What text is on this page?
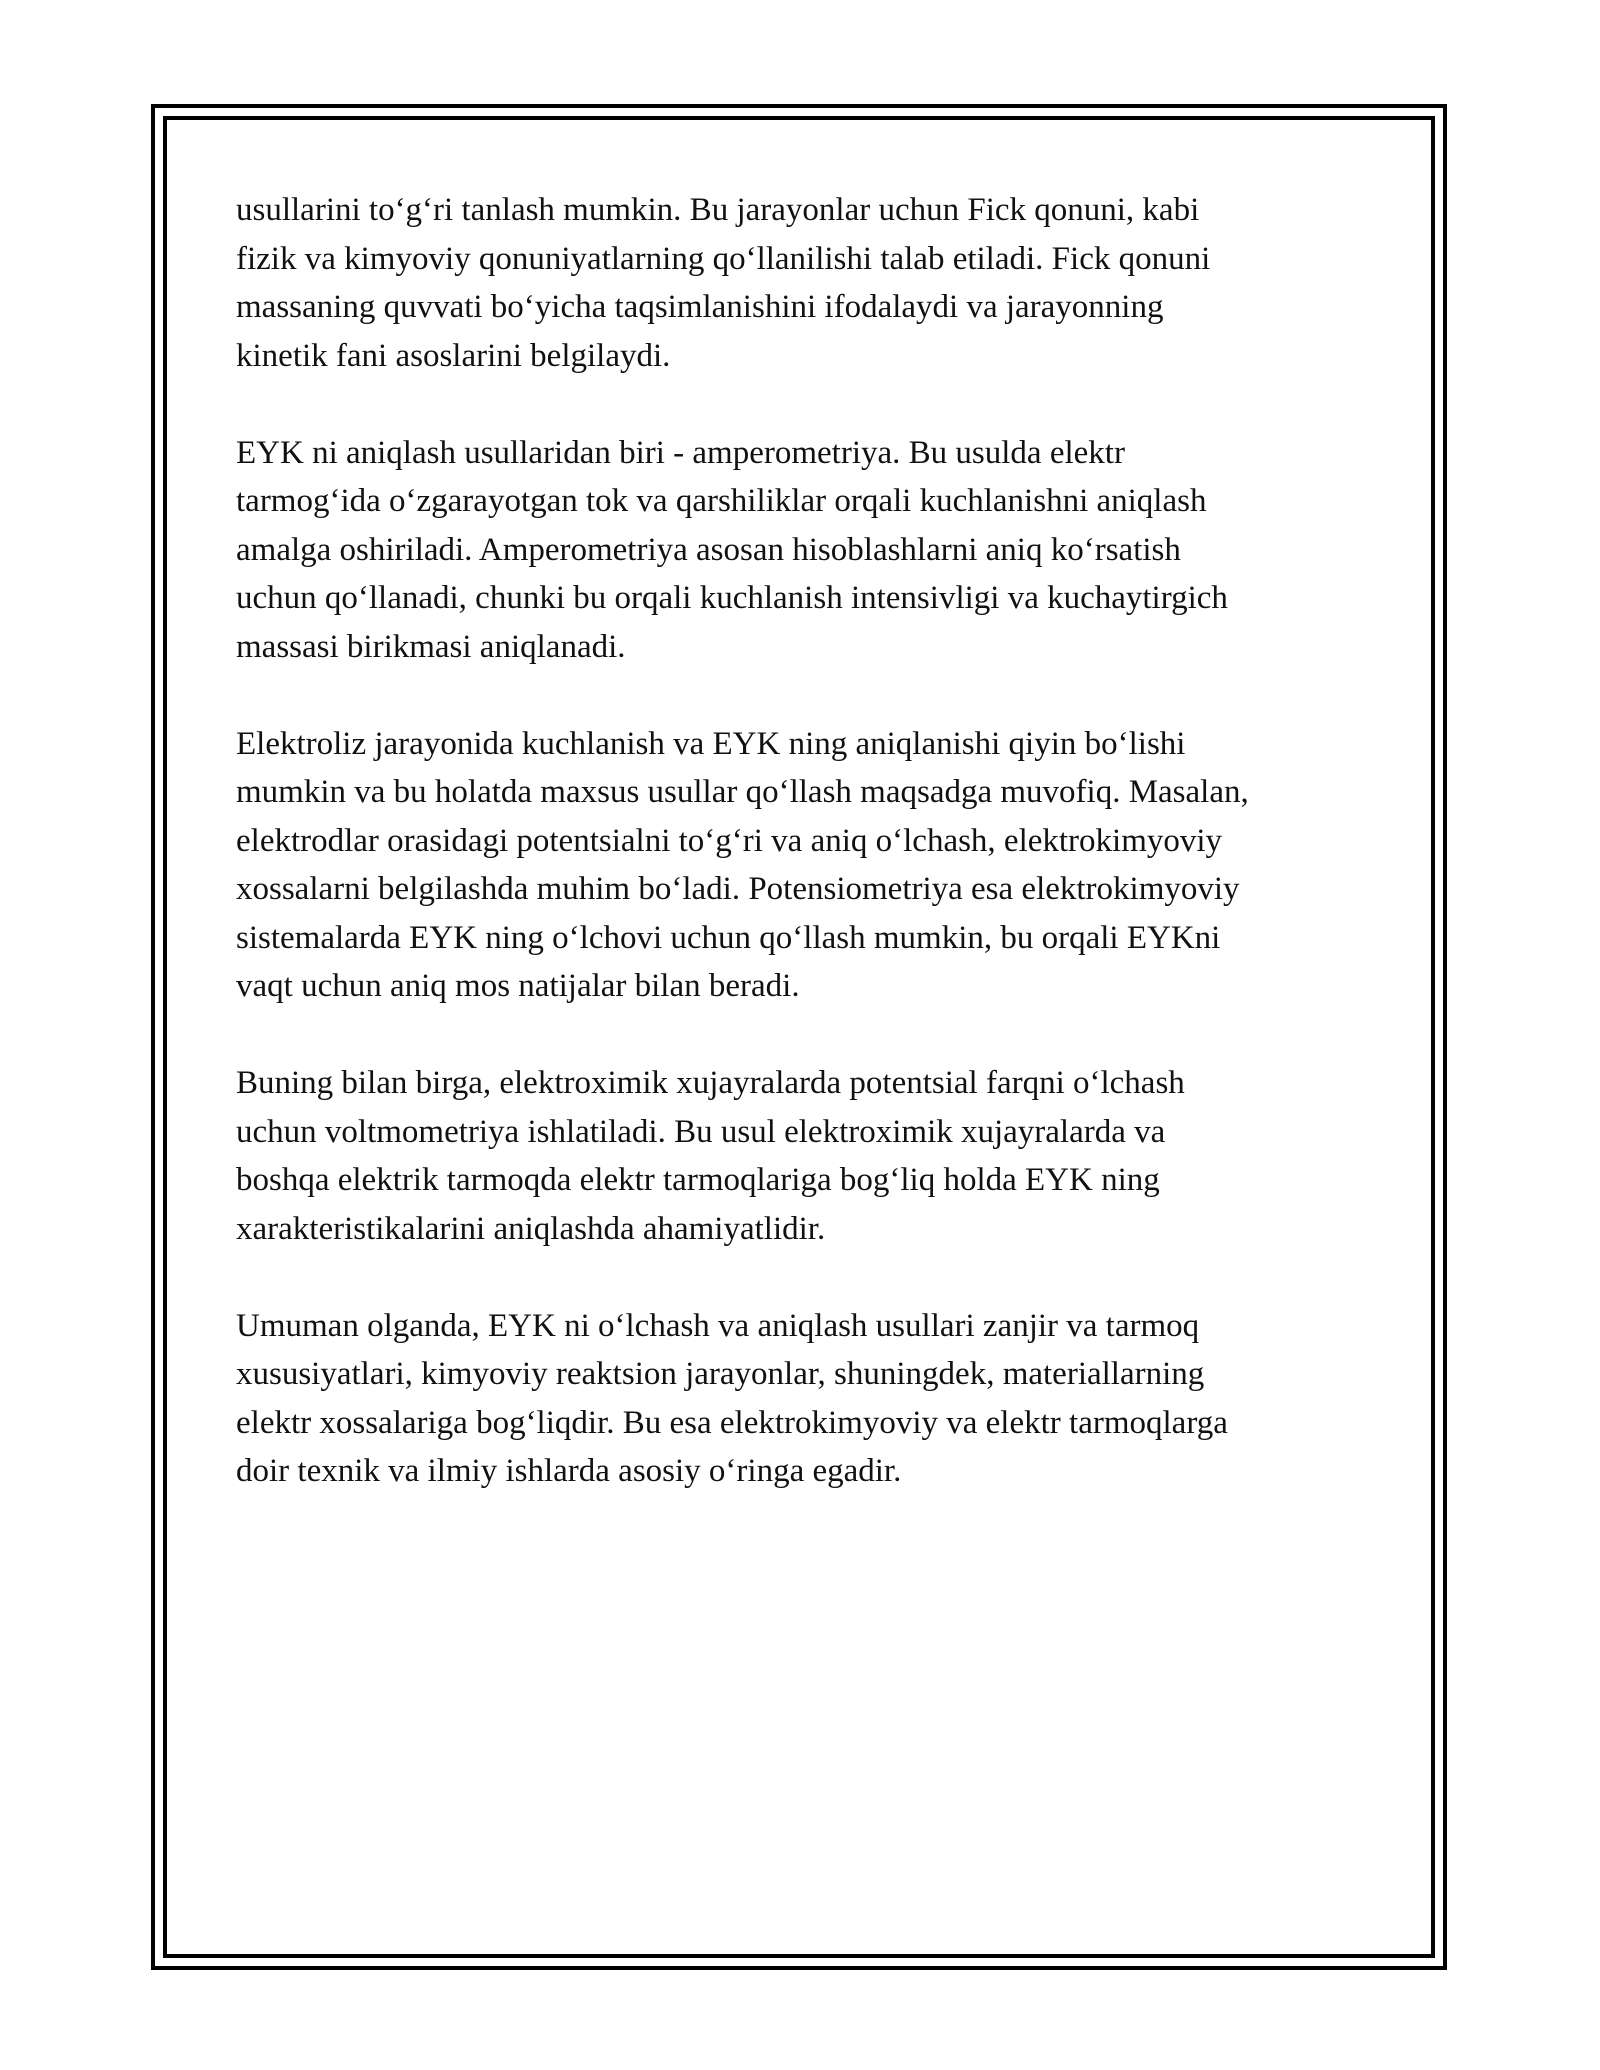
usullarini to‘g‘ri tanlash mumkin. Bu jarayonlar uchun Fick qonuni, kabi
fizik va kimyoviy qonuniyatlarning qo‘llanilishi talab etiladi. Fick qonuni
massaning quvvati bo‘yicha taqsimlanishini ifodalaydi va jarayonning
kinetik fani asoslarini belgilaydi.

EYK ni aniqlash usullaridan biri - amperometriya. Bu usulda elektr
tarmog‘ida o‘zgarayotgan tok va qarshiliklar orqali kuchlanishni aniqlash
amalga oshiriladi. Amperometriya asosan hisoblashlarni aniq ko‘rsatish
uchun qo‘llanadi, chunki bu orqali kuchlanish intensivligi va kuchaytirgich
massasi birikmasi aniqlanadi.

Elektroliz jarayonida kuchlanish va EYK ning aniqlanishi qiyin bo‘lishi
mumkin va bu holatda maxsus usullar qo‘llash maqsadga muvofiq. Masalan,
elektrodlar orasidagi potentsialni to‘g‘ri va aniq o‘lchash, elektrokimyoviy
xossalarni belgilashda muhim bo‘ladi. Potensiometriya esa elektrokimyoviy
sistemalarda EYK ning o‘lchovi uchun qo‘llash mumkin, bu orqali EYKni
vaqt uchun aniq mos natijalar bilan beradi.

Buning bilan birga, elektroximik xujayralarda potentsial farqni o‘lchash
uchun voltmometriya ishlatiladi. Bu usul elektroximik xujayralarda va
boshqa elektrik tarmoqda elektr tarmoqlariga bog‘liq holda EYK ning
xarakteristikalarini aniqlashda ahamiyatlidir.

Umuman olganda, EYK ni o‘lchash va aniqlash usullari zanjir va tarmoq
xususiyatlari, kimyoviy reaktsion jarayonlar, shuningdek, materiallarning
elektr xossalariga bog‘liqdir. Bu esa elektrokimyoviy va elektr tarmoqlarga
doir texnik va ilmiy ishlarda asosiy o‘ringa egadir.
